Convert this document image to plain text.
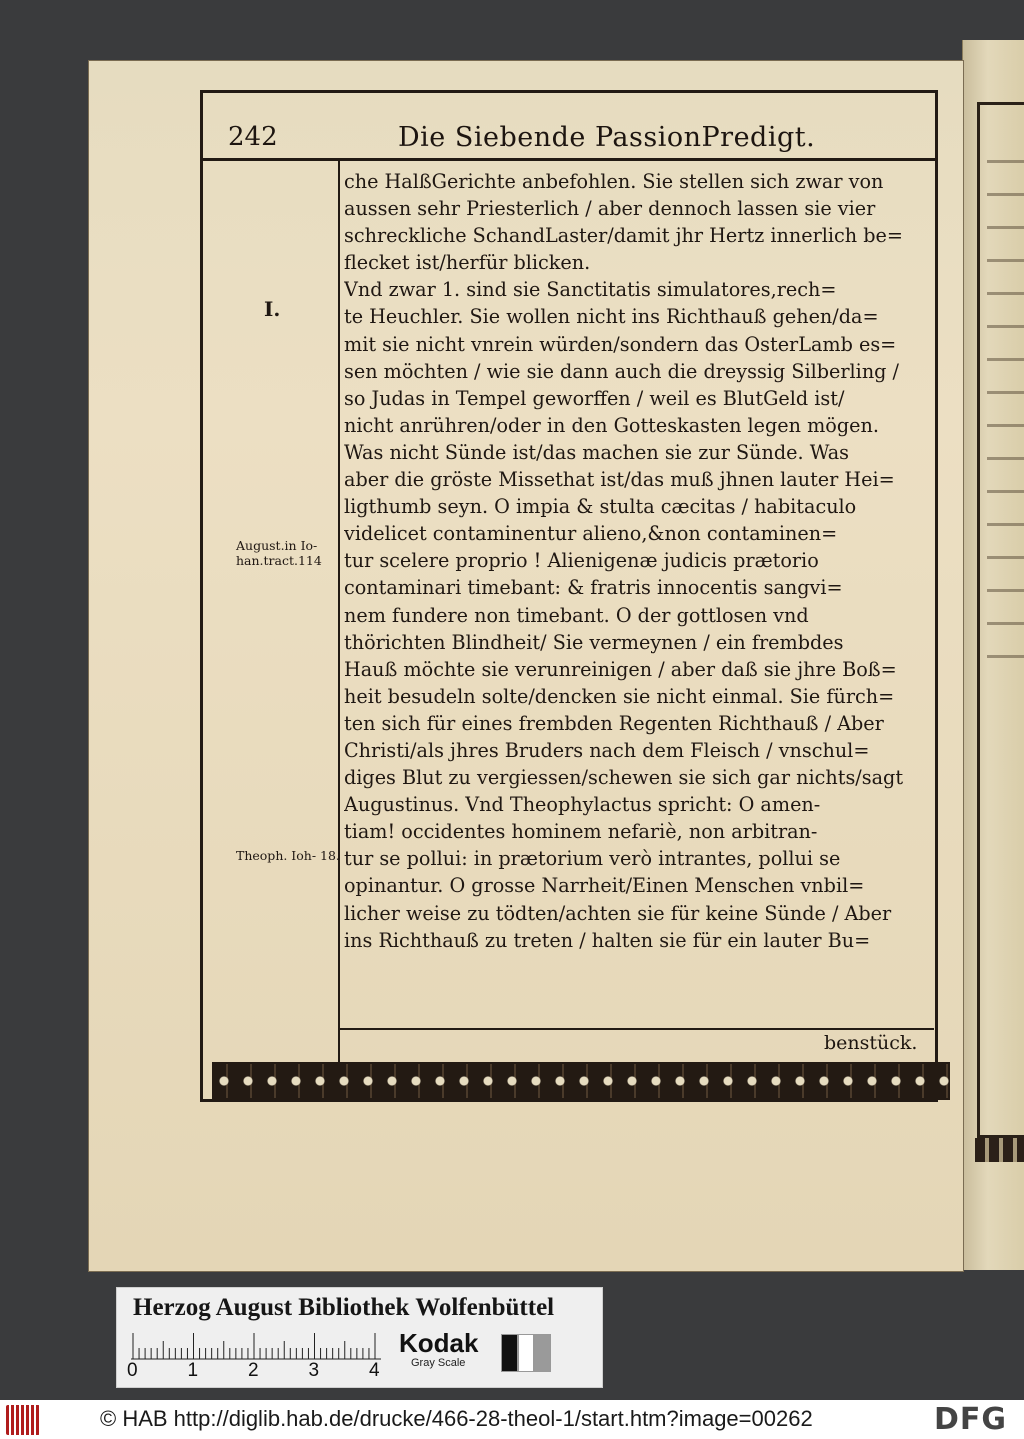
242	Die Siebende PassionPredigt.

che HalßGerichte anbefohlen. Sie stellen sich zwar von
aussen sehr Priesterlich / aber dennoch lassen sie vier
schreckliche SchandLaster/damit jhr Hertz innerlich be=
flecket ist/herfür blicken.
Vnd zwar 1. sind sie Sanctitatis simulatores,rech=
te Heuchler. Sie wollen nicht ins Richthauß gehen/da=
mit sie nicht vnrein würden/sondern das OsterLamb es=
sen möchten / wie sie dann auch die dreyssig Silberling /
so Judas in Tempel geworffen / weil es BlutGeld ist/
nicht anrühren/oder in den Gotteskasten legen mögen.
Was nicht Sünde ist/das machen sie zur Sünde. Was
aber die gröste Missethat ist/das muß jhnen lauter Hei=
ligthumb seyn. O impia & stulta cæcitas / habitaculo
videlicet contaminentur alieno,&non contaminen=
tur scelere proprio ! Alienigenæ judicis prætorio
contaminari timebant: & fratris innocentis sangvi=
nem fundere non timebant. O der gottlosen vnd
thörichten Blindheit/ Sie vermeynen / ein frembdes
Hauß möchte sie verunreinigen / aber daß sie jhre Boß=
heit besudeln solte/dencken sie nicht einmal. Sie fürch=
ten sich für eines frembden Regenten Richthauß / Aber
Christi/als jhres Bruders nach dem Fleisch / vnschul=
diges Blut zu vergiessen/schewen sie sich gar nichts/sagt
Augustinus. Vnd Theophylactus spricht: O amen-
tiam! occidentes hominem nefariè, non arbitran-
tur se pollui: in prætorium verò intrantes, pollui se
opinantur. O grosse Narrheit/Einen Menschen vnbil=
licher weise zu tödten/achten sie für keine Sünde / Aber
ins Richthauß zu treten / halten sie für ein lauter Bu=

I.
August.in Io- han.tract.114
Theoph. Ioh- 18.
benstück.
Herzog August Bibliothek Wolfenbüttel
0	1	2	3	4
Kodak
Gray Scale
© HAB http://diglib.hab.de/drucke/466-28-theol-1/start.htm?image=00262	DFG
